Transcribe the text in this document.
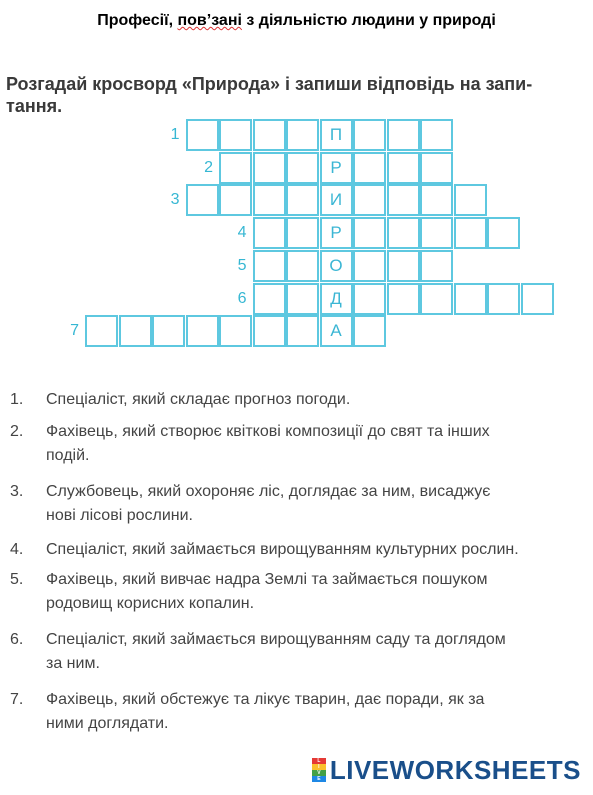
Професії, пов’зані з діяльністю людини у природі
Розгадай кросворд «Природа» і запиши відповідь на запи-
тання.
1	П
2	Р
3	И
4	Р
5	О
6	Д
7	А
1.	Спеціаліст, який складає прогноз погоди.
2.	Фахівець, який створює квіткові композиції до свят та інших
подій.
3.	Службовець, який охороняє ліс, доглядає за ним, висаджує
нові лісові рослини.
4.	Спеціаліст, який займається вирощуванням культурних рослин.
5.	Фахівець, який вивчає надра Землі та займається пошуком
родовищ корисних копалин.
6.	Спеціаліст, який займається вирощуванням саду та доглядом
за ним.
7.	Фахівець, який обстежує та лікує тварин, дає поради, як за
ними доглядати.
L
I
V
E LIVEWORKSHEETS
